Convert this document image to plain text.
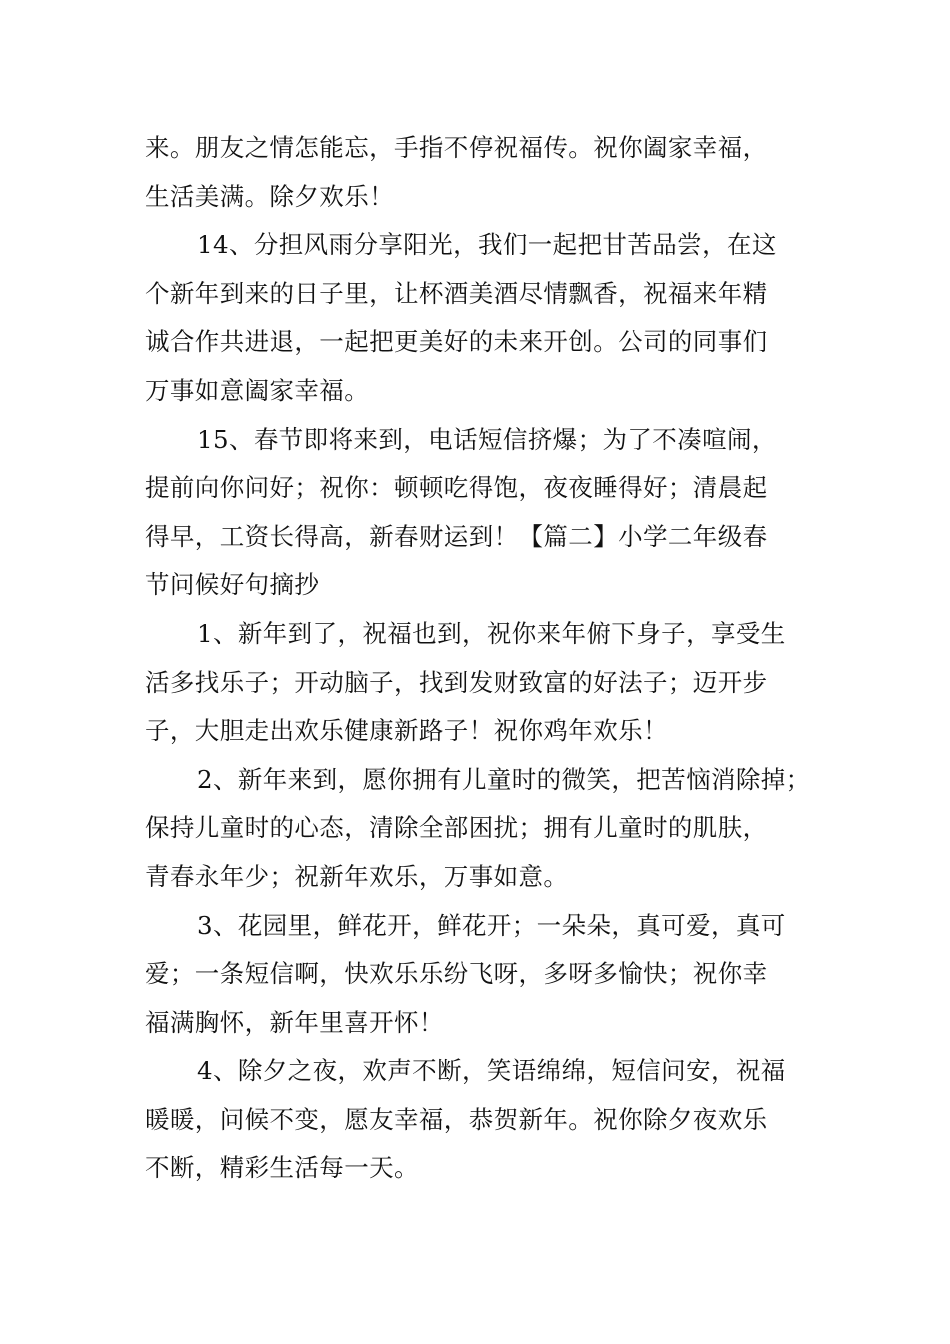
来。朋友之情怎能忘，手指不停祝福传。祝你阖家幸福，
生活美满。除夕欢乐！

14、分担风雨分享阳光，我们一起把甘苦品尝，在这
个新年到来的日子里，让杯酒美酒尽情飘香，祝福来年精
诚合作共进退，一起把更美好的未来开创。公司的同事们
万事如意阖家幸福。

15、春节即将来到，电话短信挤爆；为了不凑喧闹，
提前向你问好；祝你：顿顿吃得饱，夜夜睡得好；清晨起
得早，工资长得高，新春财运到！【篇二】小学二年级春
节问候好句摘抄

1、新年到了，祝福也到，祝你来年俯下身子，享受生
活多找乐子；开动脑子，找到发财致富的好法子；迈开步
子，大胆走出欢乐健康新路子！祝你鸡年欢乐！

2、新年来到，愿你拥有儿童时的微笑，把苦恼消除掉；
保持儿童时的心态，清除全部困扰；拥有儿童时的肌肤，
青春永年少；祝新年欢乐，万事如意。

3、花园里，鲜花开，鲜花开；一朵朵，真可爱，真可
爱；一条短信啊，快欢乐乐纷飞呀，多呀多愉快；祝你幸
福满胸怀，新年里喜开怀！

4、除夕之夜，欢声不断，笑语绵绵，短信问安，祝福
暖暖，问候不变，愿友幸福，恭贺新年。祝你除夕夜欢乐
不断，精彩生活每一天。
